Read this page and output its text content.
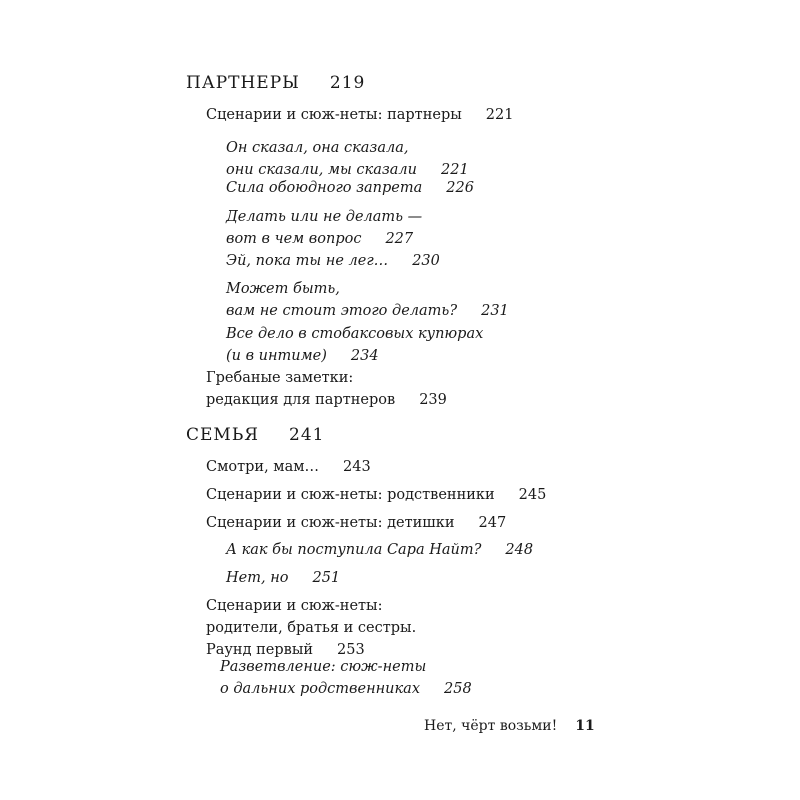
ПАРТНЕРЫ 219
Сценарии и сюж-неты: партнеры 221
Он сказал, она сказала,
они сказали, мы сказали 221
Сила обоюдного запрета 226
Делать или не делать —
вот в чем вопрос 227
Эй, пока ты не лег… 230
Может быть,
вам не стоит этого делать? 231
Все дело в стобаксовых купюрах
(и в интиме) 234
Гребаные заметки:
редакция для партнеров 239
СЕМЬЯ 241
Смотри, мам… 243
Сценарии и сюж-неты: родственники 245
Сценарии и сюж-неты: детишки 247
А как бы поступила Сара Найт? 248
Нет, но 251
Сценарии и сюж-неты:
родители, братья и сестры.
Раунд первый 253
Разветвление: сюж-неты
о дальних родственниках 258
Нет, чёрт возьми! 11
